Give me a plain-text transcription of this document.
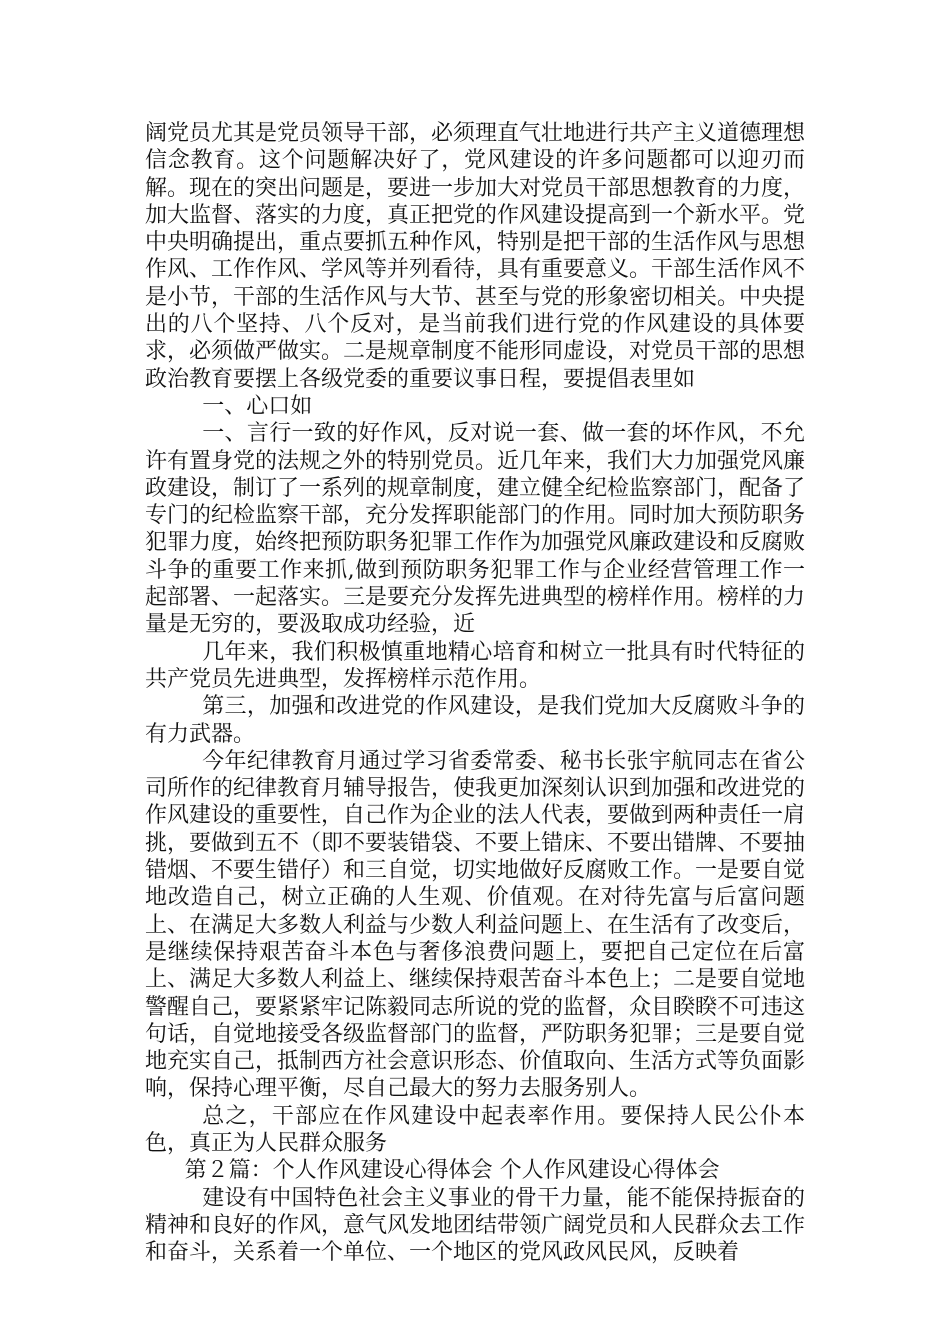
阔党员尤其是党员领导干部，必须理直气壮地进行共产主义道德理想信念教育。这个问题解决好了，党风建设的许多问题都可以迎刃而解。现在的突出问题是，要进一步加大对党员干部思想教育的力度，加大监督、落实的力度，真正把党的作风建设提高到一个新水平。党中央明确提出，重点要抓五种作风，特别是把干部的生活作风与思想作风、工作作风、学风等并列看待，具有重要意义。干部生活作风不是小节，干部的生活作风与大节、甚至与党的形象密切相关。中央提出的八个坚持、八个反对，是当前我们进行党的作风建设的具体要求，必须做严做实。二是规章制度不能形同虚设，对党员干部的思想政治教育要摆上各级党委的重要议事日程，要提倡表里如

一、心口如

一、言行一致的好作风，反对说一套、做一套的坏作风，不允许有置身党的法规之外的特别党员。近几年来，我们大力加强党风廉政建设，制订了一系列的规章制度，建立健全纪检监察部门，配备了专门的纪检监察干部，充分发挥职能部门的作用。同时加大预防职务犯罪力度，始终把预防职务犯罪工作作为加强党风廉政建设和反腐败斗争的重要工作来抓,做到预防职务犯罪工作与企业经营管理工作一起部署、一起落实。三是要充分发挥先进典型的榜样作用。榜样的力量是无穷的，要汲取成功经验，近

几年来，我们积极慎重地精心培育和树立一批具有时代特征的共产党员先进典型，发挥榜样示范作用。

第三，加强和改进党的作风建设，是我们党加大反腐败斗争的有力武器。

今年纪律教育月通过学习省委常委、秘书长张宇航同志在省公司所作的纪律教育月辅导报告，使我更加深刻认识到加强和改进党的作风建设的重要性，自己作为企业的法人代表，要做到两种责任一肩挑，要做到五不（即不要装错袋、不要上错床、不要出错牌、不要抽错烟、不要生错仔）和三自觉，切实地做好反腐败工作。一是要自觉地改造自己，树立正确的人生观、价值观。在对待先富与后富问题上、在满足大多数人利益与少数人利益问题上、在生活有了改变后，是继续保持艰苦奋斗本色与奢侈浪费问题上，要把自己定位在后富上、满足大多数人利益上、继续保持艰苦奋斗本色上；二是要自觉地警醒自己，要紧紧牢记陈毅同志所说的党的监督，众目睽睽不可违这句话，自觉地接受各级监督部门的监督，严防职务犯罪；三是要自觉地充实自己，抵制西方社会意识形态、价值取向、生活方式等负面影响，保持心理平衡，尽自己最大的努力去服务别人。

总之，干部应在作风建设中起表率作用。要保持人民公仆本色，真正为人民群众服务

第２篇：个人作风建设心得体会 个人作风建设心得体会

建设有中国特色社会主义事业的骨干力量，能不能保持振奋的精神和良好的作风，意气风发地团结带领广阔党员和人民群众去工作和奋斗，关系着一个单位、一个地区的党风政风民风，反映着
